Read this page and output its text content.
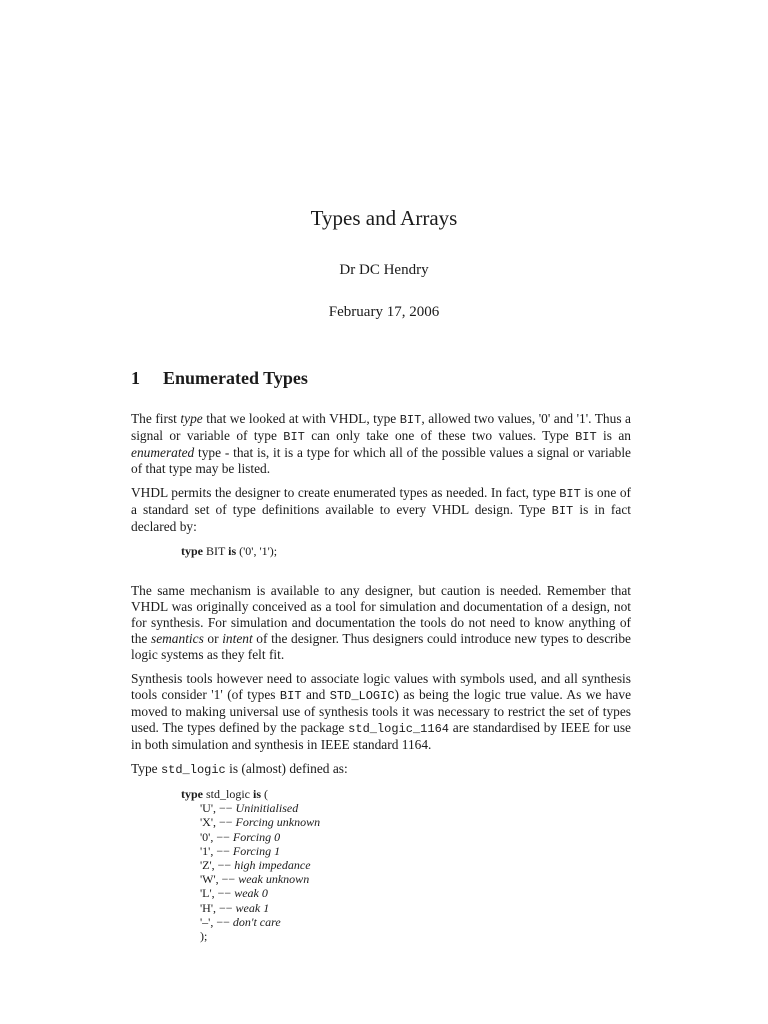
Types and Arrays
Dr DC Hendry
February 17, 2006
1 Enumerated Types

The first type that we looked at with VHDL, type BIT, allowed two values, '0' and '1'. Thus a signal or variable of type BIT can only take one of these two values. Type BIT is an enumerated type - that is, it is a type for which all of the possible values a signal or variable of that type may be listed.

VHDL permits the designer to create enumerated types as needed. In fact, type BIT is one of a standard set of type definitions available to every VHDL design. Type BIT is in fact declared by:

type BIT is ('0', '1');

The same mechanism is available to any designer, but caution is needed. Remember that VHDL was originally conceived as a tool for simulation and documentation of a design, not for synthesis. For simulation and documentation the tools do not need to know anything of the semantics or intent of the designer. Thus designers could introduce new types to describe logic systems as they felt fit.

Synthesis tools however need to associate logic values with symbols used, and all synthesis tools consider '1' (of types BIT and STD_LOGIC) as being the logic true value. As we have moved to making universal use of synthesis tools it was necessary to restrict the set of types used. The types defined by the package std_logic_1164 are standardised by IEEE for use in both simulation and synthesis in IEEE standard 1164.

Type std_logic is (almost) defined as:

type std_logic is (
'U', −− Uninitialised
'X', −− Forcing unknown
'0', −− Forcing 0
'1', −− Forcing 1
'Z', −− high impedance
'W', −− weak unknown
'L', −− weak 0
'H', −− weak 1
'–', −− don't care
);
